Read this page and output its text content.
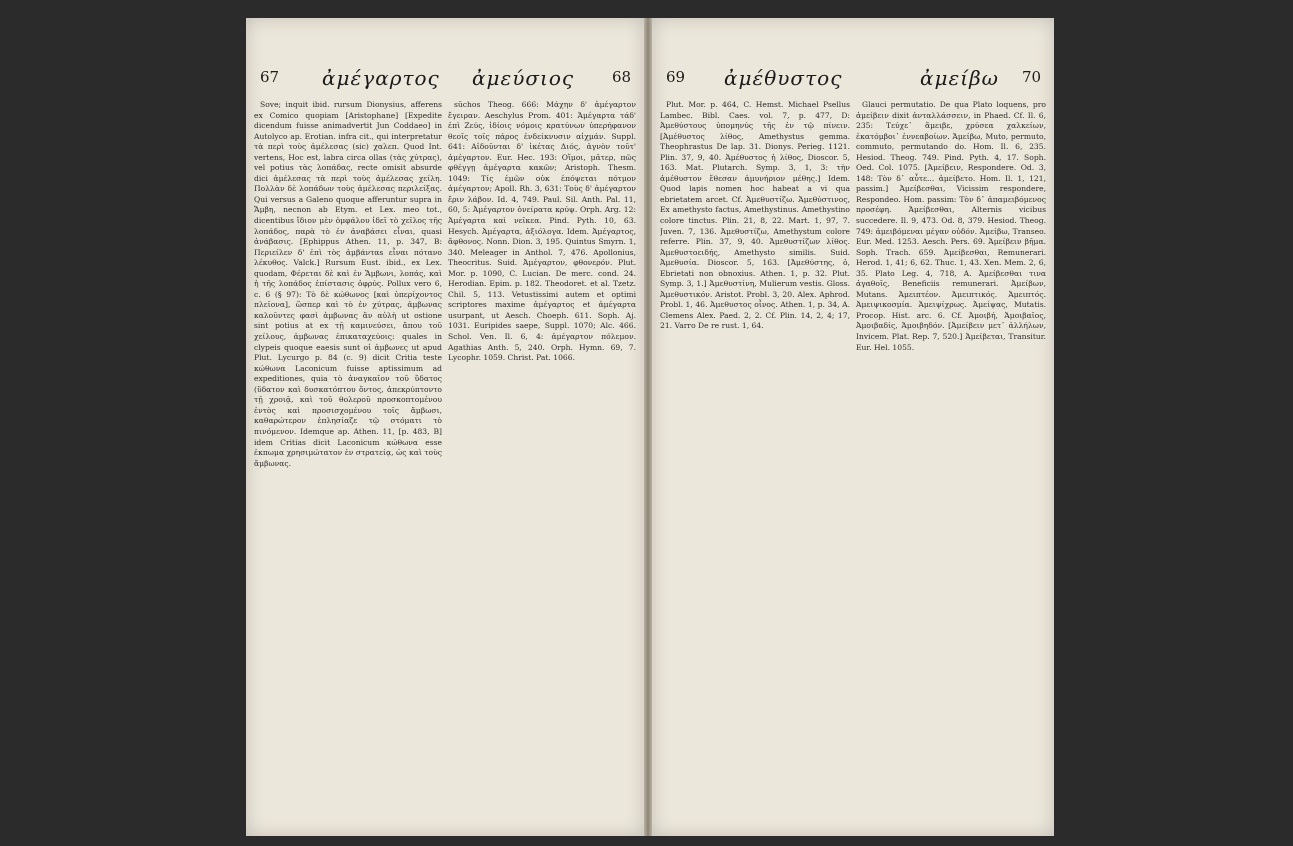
67 ἀμέγαρτος ἀμεύσιος	68

Sove; inquit ibid. rursum Dionysius, afferens ex Comico quopiam [Aristophane] [Expedite dicendum fuisse animadvertit Jun Coddaeo] in Autolyco ap. Erotian. infra cit., qui interpretatur τὰ περὶ τοὺς ἀμέλεσας (sic) χαλεπ. Quod Int. vertens, Hoc est, labra circa ollas (τὰς χύτρας), vel potius τὰς λοπάδας, recte omisit absurde dici ἀμέλεσας τὰ περὶ τοὺς ἀμέλεσας χείλη. Πολλὰν δὲ λοπάδων τοὺς ἀμέλεσας περιλείξας. Qui versus a Galeno quoque afferuntur supra in Ἄμβη, necnon ab Etym. et Lex. meo tot., dicentibus ἴδιον μὲν ὀμφάλου ἰδεῖ τὸ χεῖλος τῆς λοπάδος, παρὰ τὸ ἐν ἀναβάσει εἶναι, quasi ἀνάβασις. [Ephippus Athen. 11, p. 347, B: Περιείλεν δ' ἐπὶ τὸς ἀμβάνταs εἶναι πότανο λέκυθος. Valck.] Rursum Eust. ibid., ex Lex. quodam, Φέρεται δὲ καὶ ἐν Ἄμβωνι, λοπάς, καὶ ἡ τῆς λοπάδος ἐπίστασις ὀφρύς. Pollux vero 6, c. 6 (§ 97): Τὸ δὲ κώθωνος [καὶ ὑπερίχοντος πλεῖονα], ὥσπερ καὶ τὸ ἐν χύτρας, ἀμβωνας καλοῦντες φασὶ ἀμβωνας ἂν αὐλὴ ut ostione sint potius at ex τῇ καμινεύσει, ἄπου τοῦ χείλους, ἀμβωνας ἐπικαταχεύοις: quales in clypeis quoque eaesis sunt οἱ ἀμβωνες ut apud Plut. Lycurgo p. 84 (c. 9) dicit Critia teste κώθωνα Laconicum fuisse aptissimum ad expeditiones, quia τὸ ἀναγκαῖον τοῦ ὕδατος (ὕδατον καὶ δυσκατόπτου ὄντος, ἀπεκρύπτοντο τῇ χροιᾷ, καὶ τοῦ θολεροῦ προσκοπτομένου ἐντὸς καὶ προσισχομένου τοῖς ἄμβωσι, καθαρώτερον ἐπλησίαζε τῷ στόματι τὸ πινόμενον. Idemque ap. Athen. 11, [p. 483, B] idem Critias dicit Laconicum κώθωνα esse ἐκπωμα χρησιμώτατον ἐν στρατείᾳ, ὡς καὶ τοὺς ἄμβωνας.

sūchos Theog. 666: Μάχην δ' ἀμέγαρτον ἔγειραν. Aeschylus Prom. 401: Ἀμέγαρτα τάδ' ἐπὶ Ζεύς, ἰδίοις νόμοις κρατύνων ὑπερήφανον θεοῖς τοῖς πάρος ἐνδείκνυσιν αἰχμάν. Suppl. 641: Αἰδοῦνται δ' ἱκέτας Διός, ἁγνὸν τοῦτ' ἀμέγαρτον. Eur. Hec. 193: Οἴμοι, μᾶτερ, πῶς φθέγγῃ ἀμέγαρτα κακῶν; Aristoph. Thesm. 1049: Τίς ἐμῶν οὐκ ἐπόψεται πότμον ἀμέγαρτον; Apoll. Rh. 3, 631: Τοὺς δ' ἀμέγαρτον ἔριν λάβον. Id. 4, 749. Paul. Sil. Anth. Pal. 11, 60, 5: Ἀμέγαρτον ὀνείρατα κρύψ. Orph. Arg. 12: Ἀμέγαρτα καὶ νεῖκεα. Pind. Pyth. 10, 63. Hesych. Ἀμέγαρτα, ἀξιόλογα. Idem. Ἀμέγαρτος, ἄφθονος. Nonn. Dion. 3, 195. Quintus Smyrn. 1, 340. Meleager in Anthol. 7, 476. Apollonius, Theocritus. Suid. Ἀμέγαρτον, φθονερόν. Plut. Mor. p. 1090, C. Lucian. De merc. cond. 24. Herodian. Epim. p. 182. Theodoret. et al. Tzetz. Chil. 5, 113. Vetustissimi autem et optimi scriptores maxime ἀμέγαρτος et ἀμέγαρτα usurpant, ut Aesch. Choeph. 611. Soph. Aj. 1031. Euripides saepe, Suppl. 1070; Alc. 466. Schol. Ven. Il. 6, 4: ἀμέγαρτον πόλεμον. Agathias Anth. 5, 240. Orph. Hymn. 69, 7. Lycophr. 1059. Christ. Pat. 1066.

69 ἀμέθυστος	ἀμείβω 70

Plut. Mor. p. 464, C. Hemst. Michael Psellus Lambec. Bibl. Caes. vol. 7, p. 477, D: Ἀμεθύστους ὑπομηνύς τῆς ἐν τῷ πίνειν. [Ἀμέθυστος λίθος, Amethystus gemma. Theophrastus De lap. 31. Dionys. Perieg. 1121. Plin. 37, 9, 40. Ἀμέθυστος ἡ λίθος, Dioscor. 5, 163. Mat. Plutarch. Symp. 3, 1, 3: τὴν ἀμέθυστον ἔθεσαν ἀμυνήριον μέθης.] Idem. Quod lapis nomen hoc habeat a vi qua ebrietatem arcet. Cf. Ἀμεθυστίζω. Ἀμεθύστινος, Ex amethysto factus, Amethystinus. Amethystino colore tinctus. Plin. 21, 8, 22. Mart. 1, 97, 7. Juven. 7, 136. Ἀμεθυστίζω, Amethystum colore referre. Plin. 37, 9, 40. Ἀμεθυστίζων λίθος. Ἀμεθυστοειδής, Amethysto similis. Suid. Ἀμεθυσία. Dioscor. 5, 163. [Ἀμεθύστης, ὁ, Ebrietati non obnoxius. Athen. 1, p. 32. Plut. Symp. 3, 1.] Ἀμεθυστίνη, Mulierum vestis. Gloss. Ἀμεθυστικόν. Aristot. Probl. 3, 20. Alex. Aphrod. Probl. 1, 46. Ἀμεθυστος οἶνος. Athen. 1, p. 34, A. Clemens Alex. Paed. 2, 2. Cf. Plin. 14, 2, 4; 17, 21. Varro De re rust. 1, 64.

Glauci permutatio. De qua Plato loquens, pro ἀμείβειν dixit ἀνταλλάσσειν, in Phaed. Cf. Il. 6, 235: Τεύχε᾽ ἄμειβε, χρύσεα χαλκείων, ἑκατόμβοι᾽ ἐννεαβοίων. Ἀμείβω, Muto, permuto, commuto, permutando do. Hom. Il. 6, 235. Hesiod. Theog. 749. Pind. Pyth. 4, 17. Soph. Oed. Col. 1075. [Ἀμείβειν, Respondere. Od. 3, 148: Τὸν δ᾽ αὖτε... ἀμείβετο. Hom. Il. 1, 121, passim.] Ἀμείβεσθαι, Vicissim respondere, Respondeo. Hom. passim: Τὸν δ᾽ ἀπαμειβόμενος προσέφη. Ἀμείβεσθαι, Alternis vicibus succedere. Il. 9, 473. Od. 8, 379. Hesiod. Theog. 749: ἀμειβόμεναι μέγαν οὐδόν. Ἀμείβω, Transeo. Eur. Med. 1253. Aesch. Pers. 69. Ἀμείβειν βῆμα. Soph. Trach. 659. Ἀμείβεσθαι, Remunerari. Herod. 1, 41; 6, 62. Thuc. 1, 43. Xen. Mem. 2, 6, 35. Plato Leg. 4, 718, A. Ἀμείβεσθαι τινα ἀγαθοῖς, Beneficiis remunerari. Ἀμείβων, Mutans. Ἀμειπτέον. Ἀμειπτικός. Ἀμειπτός. Ἀμειψικοσμία. Ἀμειψίχρως. Ἀμείψας, Mutatis. Procop. Hist. arc. 6. Cf. Ἀμοιβή, Ἀμοιβαῖος, Ἀμοιβαδίς, Ἀμοιβηδόν. [Ἀμείβειν μετ᾽ ἀλλήλων, Invicem. Plat. Rep. 7, 520.] Ἀμείβεται, Transitur. Eur. Hel. 1055.
